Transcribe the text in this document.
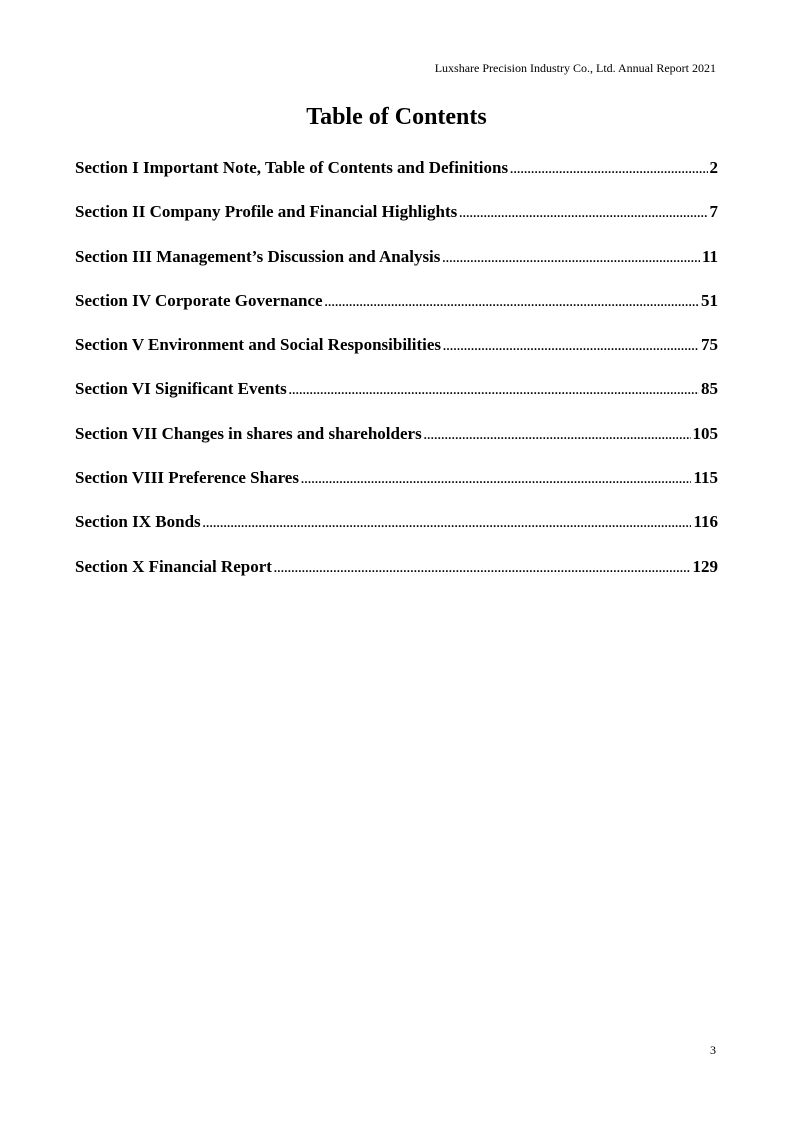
Luxshare Precision Industry Co., Ltd. Annual Report 2021
Table of Contents
Section I Important Note, Table of Contents and Definitions .....	2
Section II Company Profile and Financial Highlights .....	7
Section III Management’s Discussion and Analysis .....	11
Section IV Corporate Governance .....	51
Section V Environment and Social Responsibilities .....	75
Section VI Significant Events .....	85
Section VII Changes in shares and shareholders .....	105
Section VIII Preference Shares .....	115
Section IX Bonds .....	116
Section X Financial Report .....	129
3
